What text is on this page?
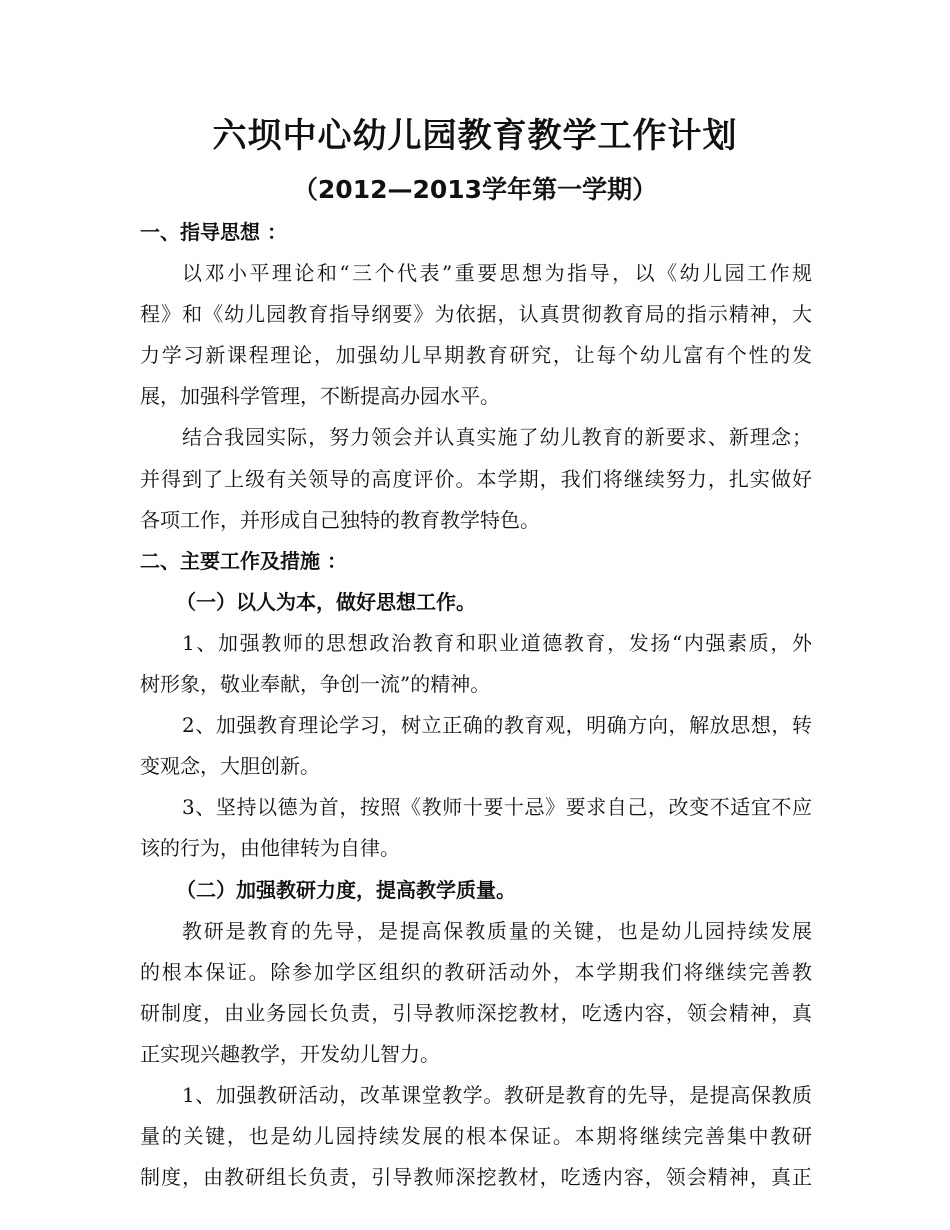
六坝中心幼儿园教育教学工作计划
（2012—2013学年第一学期）
一、指导思想 ：
以邓小平理论和“三个代表”重要思想为指导，以《幼儿园工作规
程》和《幼儿园教育指导纲要》为依据，认真贯彻教育局的指示精神，大
力学习新课程理论，加强幼儿早期教育研究，让每个幼儿富有个性的发
展，加强科学管理，不断提高办园水平。
结合我园实际，努力领会并认真实施了幼儿教育的新要求、新理念；
并得到了上级有关领导的高度评价。本学期，我们将继续努力，扎实做好
各项工作，并形成自己独特的教育教学特色。
二、主要工作及措施 ：
（一）以人为本，做好思想工作。
1、加强教师的思想政治教育和职业道德教育，发扬“内强素质，外
树形象，敬业奉献，争创一流”的精神。
2、加强教育理论学习，树立正确的教育观，明确方向，解放思想，转
变观念，大胆创新。
3、坚持以德为首，按照《教师十要十忌》要求自己，改变不适宜不应
该的行为，由他律转为自律。
（二）加强教研力度，提高教学质量。
教研是教育的先导，是提高保教质量的关键，也是幼儿园持续发展
的根本保证。除参加学区组织的教研活动外，本学期我们将继续完善教
研制度，由业务园长负责，引导教师深挖教材，吃透内容，领会精神，真
正实现兴趣教学，开发幼儿智力。
1、加强教研活动，改革课堂教学。教研是教育的先导，是提高保教质
量的关键，也是幼儿园持续发展的根本保证。本期将继续完善集中教研
制度，由教研组长负责，引导教师深挖教材，吃透内容，领会精神，真正
